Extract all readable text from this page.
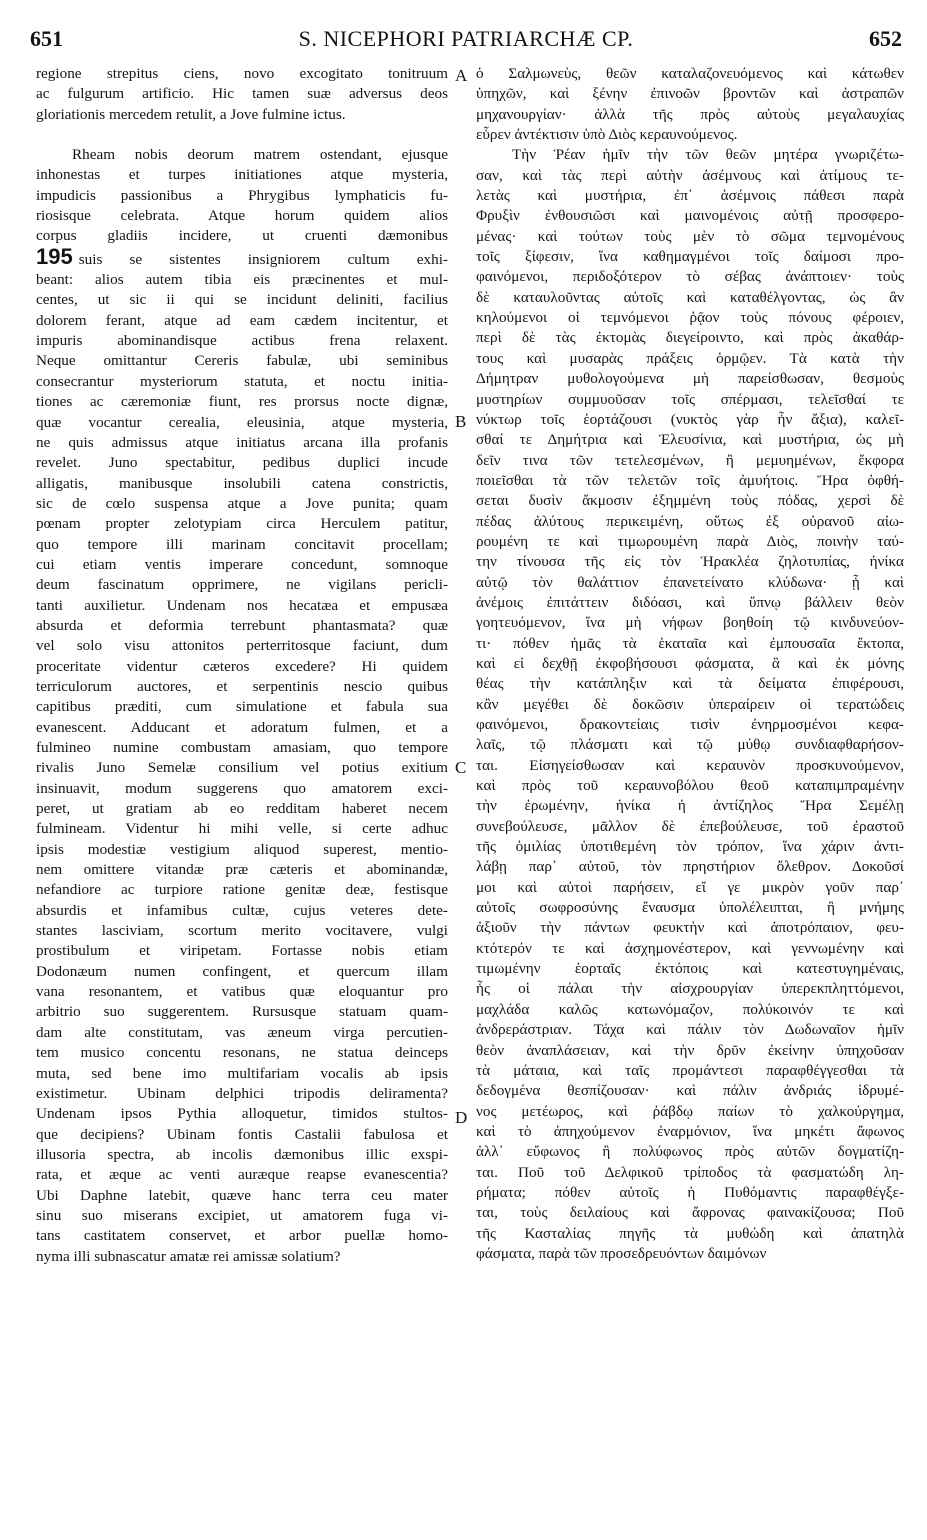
651	S. NICEPHORI PATRIARCHÆ CP.	652
regione strepitus ciens, novo excogitato tonitruum
ac fulgurum artificio. Hic tamen suæ adversus deos
gloriationis mercedem retulit, a Jove fulmine ictus.
Rheam nobis deorum matrem ostendant, ejusque
inhonestas et turpes initiationes atque mysteria,
impudicis passionibus a Phrygibus lymphaticis fu-
riosisque celebrata. Atque horum quidem alios
corpus gladiis incidere, ut cruenti dæmonibus
195 suis se sistentes insigniorem cultum exhi-
beant: alios autem tibia eis præcinentes et mul-
centes, ut sic ii qui se incidunt deliniti, facilius
dolorem ferant, atque ad eam cædem incitentur, et
impuris abominandisque actibus frena relaxent.
Neque omittantur Cereris fabulæ, ubi seminibus
consecrantur mysteriorum statuta, et noctu initia-
tiones ac cæremoniæ fiunt, res prorsus nocte dignæ,
quæ vocantur cerealia, eleusinia, atque mysteria,
ne quis admissus atque initiatus arcana illa profanis
revelet. Juno spectabitur, pedibus duplici incude
alligatis, manibusque insolubili catena constrictis,
sic de cœlo suspensa atque a Jove punita; quam
pœnam propter zelotypiam circa Herculem patitur,
quo tempore illi marinam concitavit procellam;
cui etiam ventis imperare concedunt, somnoque
deum fascinatum opprimere, ne vigilans pericli-
tanti auxilietur. Undenam nos hecatæa et empusæa
absurda et deformia terrebunt phantasmata? quæ
vel solo visu attonitos perterritosque faciunt, dum
proceritate videntur cæteros excedere? Hi quidem
terriculorum auctores, et serpentinis nescio quibus
capitibus præditi, cum simulatione et fabula sua
evanescent. Adducant et adoratum fulmen, et a
fulmineo numine combustam amasiam, quo tempore
rivalis Juno Semelæ consilium vel potius exitium
insinuavit, modum suggerens quo amatorem exci-
peret, ut gratiam ab eo redditam haberet necem
fulmineam. Videntur hi mihi velle, si certe adhuc
ipsis modestiæ vestigium aliquod superest, mentio-
nem omittere vitandæ præ cæteris et abominandæ,
nefandiore ac turpiore ratione genitæ deæ, festisque
absurdis et infamibus cultæ, cujus veteres dete-
stantes lasciviam, scortum merito vocitavere, vulgi
prostibulum et viripetam. Fortasse nobis etiam
Dodonæum numen confingent, et quercum illam
vana resonantem, et vatibus quæ eloquantur pro
arbitrio suo suggerentem. Rursusque statuam quam-
dam alte constitutam, vas æneum virga percutien-
tem musico concentu resonans, ne statua deinceps
muta, sed bene imo multifariam vocalis ab ipsis
existimetur. Ubinam delphici tripodis deliramenta?
Undenam ipsos Pythia alloquetur, timidos stultos-
que decipiens? Ubinam fontis Castalii fabulosa et
illusoria spectra, ab incolis dæmonibus illic exspi-
rata, et æque ac venti auræque reapse evanescentia?
Ubi Daphne latebit, quæve hanc terra ceu mater
sinu suo miserans excipiet, ut amatorem fuga vi-
tans castitatem conservet, et arbor puellæ homo-
nyma illi subnascatur amatæ rei amissæ solatium?
ὁ Σαλμωνεὺς, θεῶν καταλαζονευόμενος καὶ κάτωθεν
ὑπηχῶν, καὶ ξένην ἐπινοῶν βροντῶν καὶ ἀστραπῶν
μηχανουργίαν· ἀλλὰ τῆς πρὸς αὐτοὺς μεγαλαυχίας
εὗρεν ἀντέκτισιν ὑπὸ Διὸς κεραυνούμενος.
Τὴν Ῥέαν ἡμῖν τὴν τῶν θεῶν μητέρα γνωριζέτω-
σαν, καὶ τὰς περὶ αὐτὴν ἀσέμνους καὶ ἀτίμους τε-
λετὰς καὶ μυστήρια, ἐπ᾽ ἀσέμνοις πάθεσι παρὰ
Φρυξὶν ἐνθουσιῶσι καὶ μαινομένοις αὐτῇ προσφερο-
μένας· καὶ τούτων τοὺς μὲν τὸ σῶμα τεμνομένους
τοῖς ξίφεσιν, ἵνα καθημαγμένοι τοῖς δαίμοσι προ-
φαινόμενοι, περιδοξότερον τὸ σέβας ἀνάπτοιεν· τοὺς
δὲ καταυλοῦντας αὐτοῖς καὶ καταθέλγοντας, ὡς ἂν
κηλούμενοι οἱ τεμνόμενοι ῥᾷον τοὺς πόνους φέροιεν,
περὶ δὲ τὰς ἐκτομὰς διεγείροιντο, καὶ πρὸς ἀκαθάρ-
τους καὶ μυσαρὰς πράξεις ὁρμῷεν. Τὰ κατὰ τὴν
Δήμητραν μυθολογούμενα μὴ παρείσθωσαν, θεσμοὺς
μυστηρίων συμμυοῦσαν τοῖς σπέρμασι, τελεῖσθαί τε
νύκτωρ τοῖς ἑορτάζουσι (νυκτὸς γὰρ ἦν ἄξια), καλεῖ-
σθαί τε Δημήτρια καὶ Ἐλευσίνια, καὶ μυστήρια, ὡς μὴ
δεῖν τινα τῶν τετελεσμένων, ἢ μεμυημένων, ἔκφορα
ποιεῖσθαι τὰ τῶν τελετῶν τοῖς ἀμυήτοις. Ἥρα ὀφθή-
σεται δυσὶν ἄκμοσιν ἐξημμένη τοὺς πόδας, χερσὶ δὲ
πέδας ἀλύτους περικειμένη, οὕτως ἐξ οὐρανοῦ αἰω-
ρουμένη τε καὶ τιμωρουμένη παρὰ Διὸς, ποινὴν ταύ-
την τίνουσα τῆς εἰς τὸν Ἡρακλέα ζηλοτυπίας, ἡνίκα
αὐτῷ τὸν θαλάττιον ἐπανετείνατο κλύδωνα· ᾗ καὶ
ἀνέμοις ἐπιτάττειν διδόασι, καὶ ὕπνῳ βάλλειν θεὸν
γοητευόμενον, ἵνα μὴ νήφων βοηθοίη τῷ κινδυνεύον-
τι· πόθεν ἡμᾶς τὰ ἑκαταῖα καὶ ἐμπουσαῖα ἔκτοπα,
καὶ εἰ δεχθῇ ἐκφοβήσουσι φάσματα, ἃ καὶ ἐκ μόνης
θέας τὴν κατάπληξιν καὶ τὰ δείματα ἐπιφέρουσι,
κἂν μεγέθει δὲ δοκῶσιν ὑπεραίρειν οἱ τερατώδεις
φαινόμενοι, δρακοντείαις τισὶν ἐνηρμοσμένοι κεφα-
λαῖς, τῷ πλάσματι καὶ τῷ μύθῳ συνδιαφθαρήσον-
ται. Εἰσηγείσθωσαν καὶ κεραυνὸν προσκυνούμενον,
καὶ πρὸς τοῦ κεραυνοβόλου θεοῦ καταπιμπραμένην
τὴν ἐρωμένην, ἡνίκα ἡ ἀντίζηλος Ἥρα Σεμέλῃ
συνεβούλευσε, μᾶλλον δὲ ἐπεβούλευσε, τοῦ ἐραστοῦ
τῆς ὁμιλίας ὑποτιθεμένη τὸν τρόπον, ἵνα χάριν ἀντι-
λάβῃ παρ᾽ αὐτοῦ, τὸν πρηστήριον ὄλεθρον. Δοκοῦσί
μοι καὶ αὐτοὶ παρήσειν, εἴ γε μικρὸν γοῦν παρ᾽
αὐτοῖς σωφροσύνης ἔναυσμα ὑπολέλειπται, ἢ μνήμης
ἀξιοῦν τὴν πάντων φευκτὴν καὶ ἀποτρόπαιον, φευ-
κτότερόν τε καὶ ἀσχημονέστερον, καὶ γεννωμένην καὶ
τιμωμένην ἑορταῖς ἐκτόποις καὶ κατεστυγημέναις,
ἧς οἱ πάλαι τὴν αἰσχρουργίαν ὑπερεκπληττόμενοι,
μαχλάδα καλῶς κατωνόμαζον, πολύκοινόν τε καὶ
ἀνδρεράστριαν. Τάχα καὶ πάλιν τὸν Δωδωναῖον ἡμῖν
θεὸν ἀναπλάσειαν, καὶ τὴν δρῦν ἐκείνην ὑπηχοῦσαν
τὰ μάταια, καὶ ταῖς προμάντεσι παραφθέγγεσθαι τὰ
δεδογμένα θεσπίζουσαν· καὶ πάλιν ἀνδριάς ἱδρυμέ-
νος μετέωρος, καὶ ῥάβδῳ παίων τὸ χαλκούργημα,
καὶ τὸ ἀπηχούμενον ἐναρμόνιον, ἵνα μηκέτι ἄφωνος
ἀλλ᾽ εὔφωνος ἢ πολύφωνος πρὸς αὐτῶν δογματίζη-
ται. Ποῦ τοῦ Δελφικοῦ τρίποδος τὰ φασματώδη λη-
ρήματα; πόθεν αὐτοῖς ἡ Πυθόμαντις παραφθέγξε-
ται, τοὺς δειλαίους καὶ ἄφρονας φαινακίζουσα; Ποῦ
τῆς Κασταλίας πηγῆς τὰ μυθώδη καὶ ἀπατηλὰ
φάσματα, παρὰ τῶν προσεδρευόντων δαιμόνων
A
B
C
D
